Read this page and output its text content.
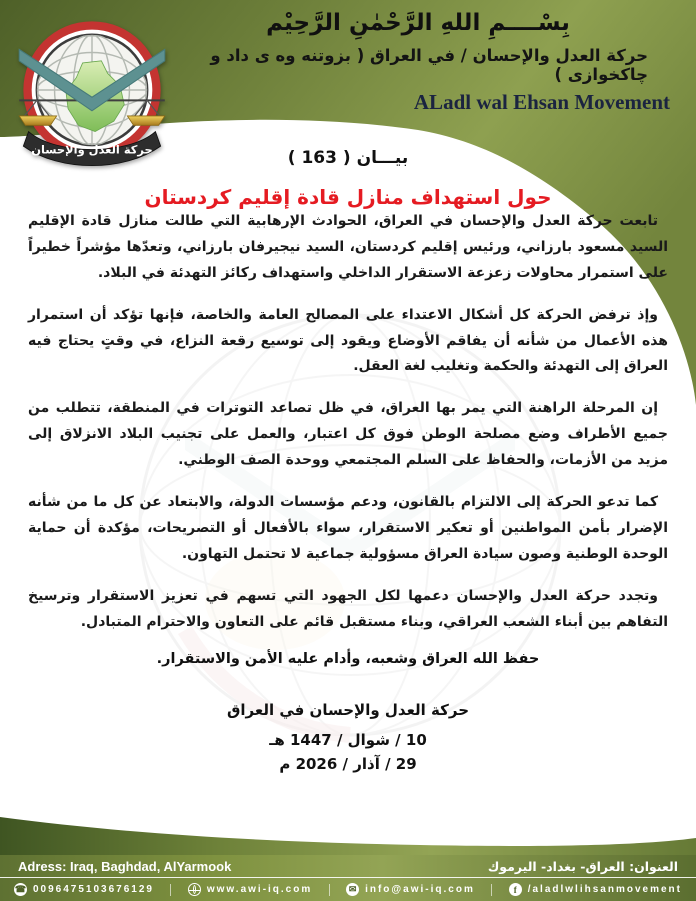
حركة العدل والإحسان
بِسْــــمِ اللهِ الرَّحْمٰنِ الرَّحِيْم
حركة العدل والإحسان / في العراق ( بزوتنه وه ى داد و چاكخوازى )
ALadl wal Ehsan Movement

بيـــان ( 163 )

حول استهداف منازل قادة إقليم كردستان

تابعت حركة العدل والإحسان في العراق، الحوادث الإرهابية التي طالت منازل قادة الإقليم السيد مسعود بارزاني، ورئيس إقليم كردستان، السيد نيجيرفان بارزاني، وتعدّها مؤشراً خطيراً على استمرار محاولات زعزعة الاستقرار الداخلي واستهداف ركائز التهدئة في البلاد.

وإذ ترفض الحركة كل أشكال الاعتداء على المصالح العامة والخاصة، فإنها تؤكد أن استمرار هذه الأعمال من شأنه أن يفاقم الأوضاع ويقود إلى توسيع رقعة النزاع، في وقتٍ يحتاج فيه العراق إلى التهدئة والحكمة وتغليب لغة العقل.

إن المرحلة الراهنة التي يمر بها العراق، في ظل تصاعد التوترات في المنطقة، تتطلب من جميع الأطراف وضع مصلحة الوطن فوق كل اعتبار، والعمل على تجنيب البلاد الانزلاق إلى مزيد من الأزمات، والحفاظ على السلم المجتمعي ووحدة الصف الوطني.

كما تدعو الحركة إلى الالتزام بالقانون، ودعم مؤسسات الدولة، والابتعاد عن كل ما من شأنه الإضرار بأمن المواطنين أو تعكير الاستقرار، سواء بالأفعال أو التصريحات، مؤكدة أن حماية الوحدة الوطنية وصون سيادة العراق مسؤولية جماعية لا تحتمل التهاون.

وتجدد حركة العدل والإحسان دعمها لكل الجهود التي تسهم في تعزيز الاستقرار وترسيخ التفاهم بين أبناء الشعب العراقي، وبناء مستقبل قائم على التعاون والاحترام المتبادل.

حفظ الله العراق وشعبه، وأدام عليه الأمن والاستقرار.

حركة العدل والإحسان في العراق

10 / شوال / 1447 هـ
29 / آذار / 2026 م
Adress: Iraq, Baghdad, AlYarmook	العنوان: العراق- بغداد- اليرموك
☎ 0096475103676129	www.awi-iq.com	✉ info@awi-iq.com	f	/aladlwlihsanmovement
